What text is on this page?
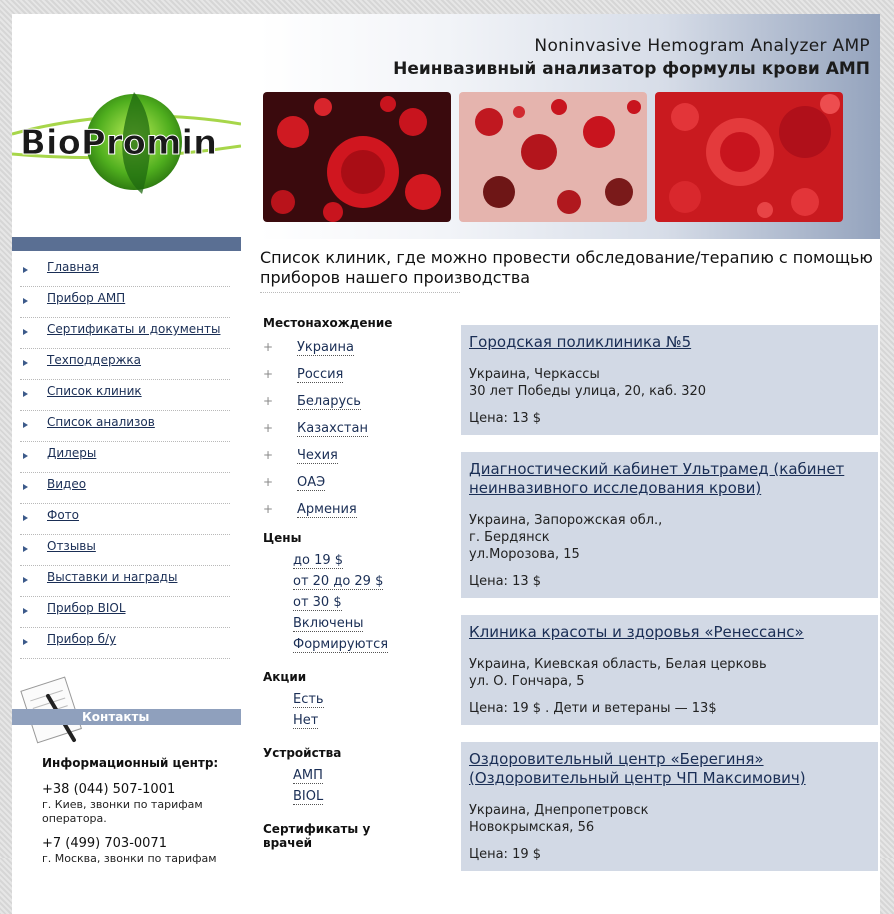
BioPromin
Главная
Прибор АМП
Сертификаты и документы
Техподдержка
Список клиник
Список анализов
Дилеры
Видео
Фото
Отзывы
Выставки и награды
Прибор BIOL
Прибор б/у
Контакты
Информационный центр:
+38 (044) 507-1001
г. Киев, звонки по тарифам оператора.
+7 (499) 703-0071
г. Москва, звонки по тарифам
Noninvasive Hemogram Analyzer AMP
Неинвазивный анализатор формулы крови АМП
Список клиник, где можно провести обследование/терапию с помощью приборов нашего производства
Местонахождение
+ Украина
+ Россия
+ Беларусь
+ Казахстан
+ Чехия
+ ОАЭ
+ Армения
Цены
до 19 $
от 20 до 29 $
от 30 $
Включены
Формируются
Акции
Есть
Нет
Устройства
АМП
BIOL
Сертификаты у врачей
Городская поликлиника №5
Украина, Черкассы
30 лет Победы улица, 20, каб. 320
Цена: 13 $
Диагностический кабинет Ультрамед (кабинет неинвазивного исследования крови)
Украина, Запорожская обл.,
г. Бердянск
ул.Морозова, 15
Цена: 13 $
Клиника красоты и здоровья «Ренессанс»
Украина, Киевская область, Белая церковь
ул. О. Гончара, 5
Цена: 19 $ . Дети и ветераны — 13$
Оздоровительный центр «Берегиня» (Оздоровительный центр ЧП Максимович)
Украина, Днепропетровск
Новокрымская, 56
Цена: 19 $
